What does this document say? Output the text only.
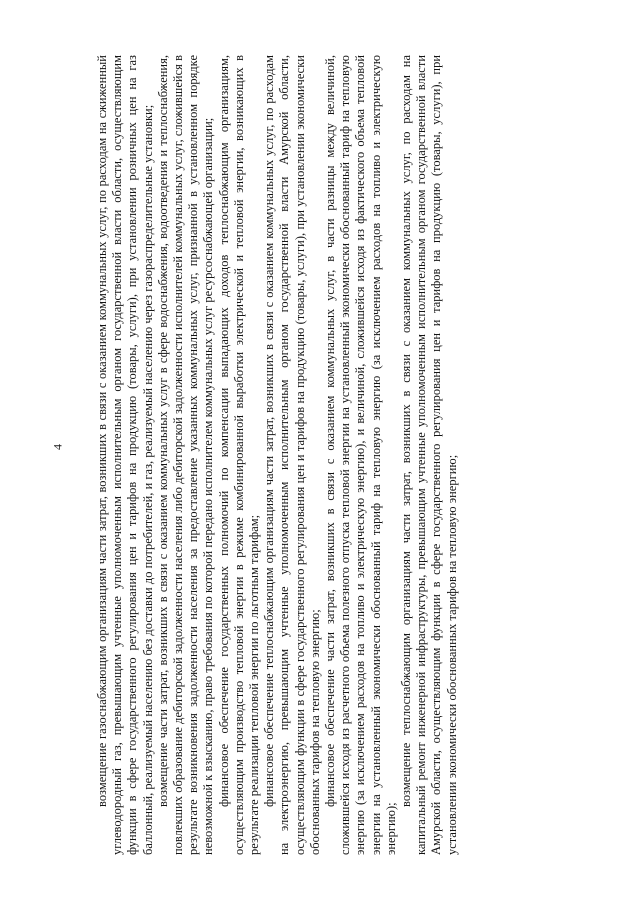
4 возмещение газоснабжающим организациям части затрат, возникших в связи с оказанием коммунальных услуг, по расходам на сжиженный углеводородный газ, превышающим учтенные уполномоченным исполнительным органом государственной власти области, осуществляющим функции в сфере государственного регулирования цен и тарифов на продукцию (товары, услуги), при установлении розничных цен на газ баллонный, реализуемый населению без доставки до потребителей, и газ, реализуемый населению через газораспределительные установки; возмещение части затрат, возникших в связи с оказанием коммунальных услуг в сфере водоснабжения, водоотведения и теплоснабжения, повлекших образование дебиторской задолженности населения либо дебиторской задолженности исполнителей коммунальных услуг, сложившейся в результате возникновения задолженности населения за предоставление указанных коммунальных услуг, признанной в установленном порядке невозможной к взысканию, право требования по которой передано исполнителем коммунальных услуг ресурсоснабжающей организации; финансовое обеспечение государственных полномочий по компенсации выпадающих доходов теплоснабжающим организациям, осуществляющим производство тепловой энергии в режиме комбинированной выработки электрической и тепловой энергии, возникающих в результате реализации тепловой энергии по льготным тарифам; финансовое обеспечение теплоснабжающим организациям части затрат, возникших в связи с оказанием коммунальных услуг, по расходам на электроэнергию, превышающим учтенные уполномоченным исполнительным органом государственной власти Амурской области, осуществляющим функции в сфере государственного регулирования цен и тарифов на продукцию (товары, услуги), при установлении экономически обоснованных тарифов на тепловую энергию; финансовое обеспечение части затрат, возникших в связи с оказанием коммунальных услуг, в части разницы между величиной, сложившейся исходя из расчетного объема полезного отпуска тепловой энергии на установленный экономически обоснованный тариф на тепловую энергию (за исключением расходов на топливо и электрическую энергию), и величиной, сложившейся исходя из фактического объема тепловой энергии на установленный экономически обоснованный тариф на тепловую энергию (за исключением расходов на топливо и электрическую энергию);

возмещение теплоснабжающим организациям части затрат, возникших в связи с оказанием коммунальных услуг, по расходам на капитальный ремонт инженерной инфраструктуры, превышающим учтенные уполномоченным исполнительным органом государственной власти Амурской области, осуществляющим функции в сфере государственного регулирования цен и тарифов на продукцию (товары, услуги), при установлении экономически обоснованных тарифов на тепловую энергию;
